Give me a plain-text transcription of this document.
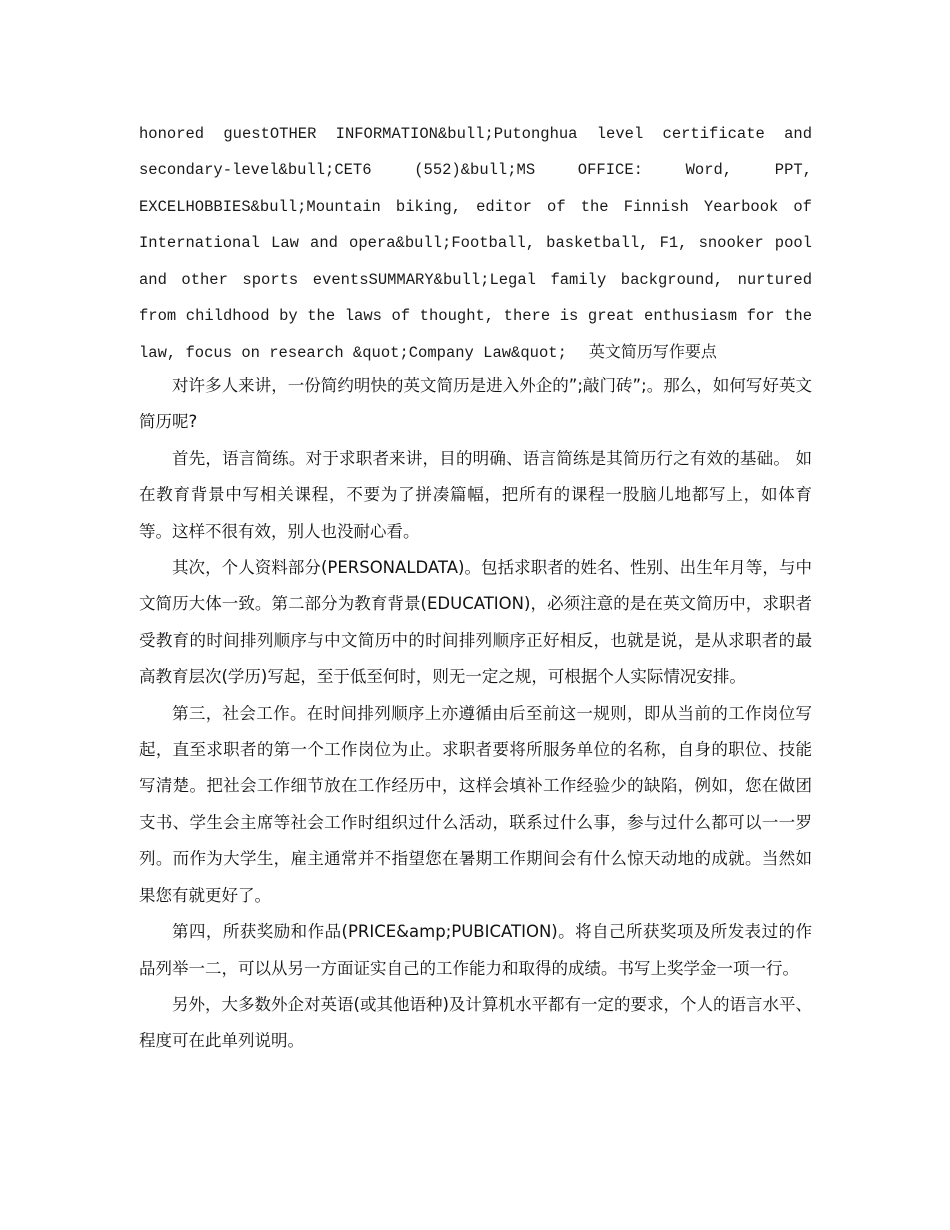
honored guestOTHER INFORMATION&bull;Putonghua level certificate and
secondary-level&bull;CET6 (552)&bull;MS OFFICE: Word, PPT,
EXCELHOBBIES&bull;Mountain biking, editor of the Finnish Yearbook of
International Law and opera&bull;Football, basketball, F1, snooker pool
and other sports eventsSUMMARY&bull;Legal family background, nurtured
from childhood by the laws of thought, there is great enthusiasm for the
law, focus on research &quot;Company Law&quot; 英文简历写作要点

对许多人来讲，一份简约明快的英文简历是进入外企的”;敲门砖”;。那么，如何写好英文简历呢?

首先，语言简练。对于求职者来讲，目的明确、语言简练是其简历行之有效的基础。 如在教育背景中写相关课程，不要为了拼凑篇幅，把所有的课程一股脑儿地都写上，如体育等。这样不很有效，别人也没耐心看。

其次，个人资料部分(PERSONALDATA)。包括求职者的姓名、性别、出生年月等，与中文简历大体一致。第二部分为教育背景(EDUCATION)，必须注意的是在英文简历中，求职者受教育的时间排列顺序与中文简历中的时间排列顺序正好相反，也就是说，是从求职者的最高教育层次(学历)写起，至于低至何时，则无一定之规，可根据个人实际情况安排。

第三，社会工作。在时间排列顺序上亦遵循由后至前这一规则，即从当前的工作岗位写起，直至求职者的第一个工作岗位为止。求职者要将所服务单位的名称，自身的职位、技能写清楚。把社会工作细节放在工作经历中，这样会填补工作经验少的缺陷，例如，您在做团支书、学生会主席等社会工作时组织过什么活动，联系过什么事，参与过什么都可以一一罗列。而作为大学生，雇主通常并不指望您在暑期工作期间会有什么惊天动地的成就。当然如果您有就更好了。

第四，所获奖励和作品(PRICE&amp;PUBICATION)。将自己所获奖项及所发表过的作品列举一二，可以从另一方面证实自己的工作能力和取得的成绩。书写上奖学金一项一行。

另外，大多数外企对英语(或其他语种)及计算机水平都有一定的要求，个人的语言水平、程度可在此单列说明。
